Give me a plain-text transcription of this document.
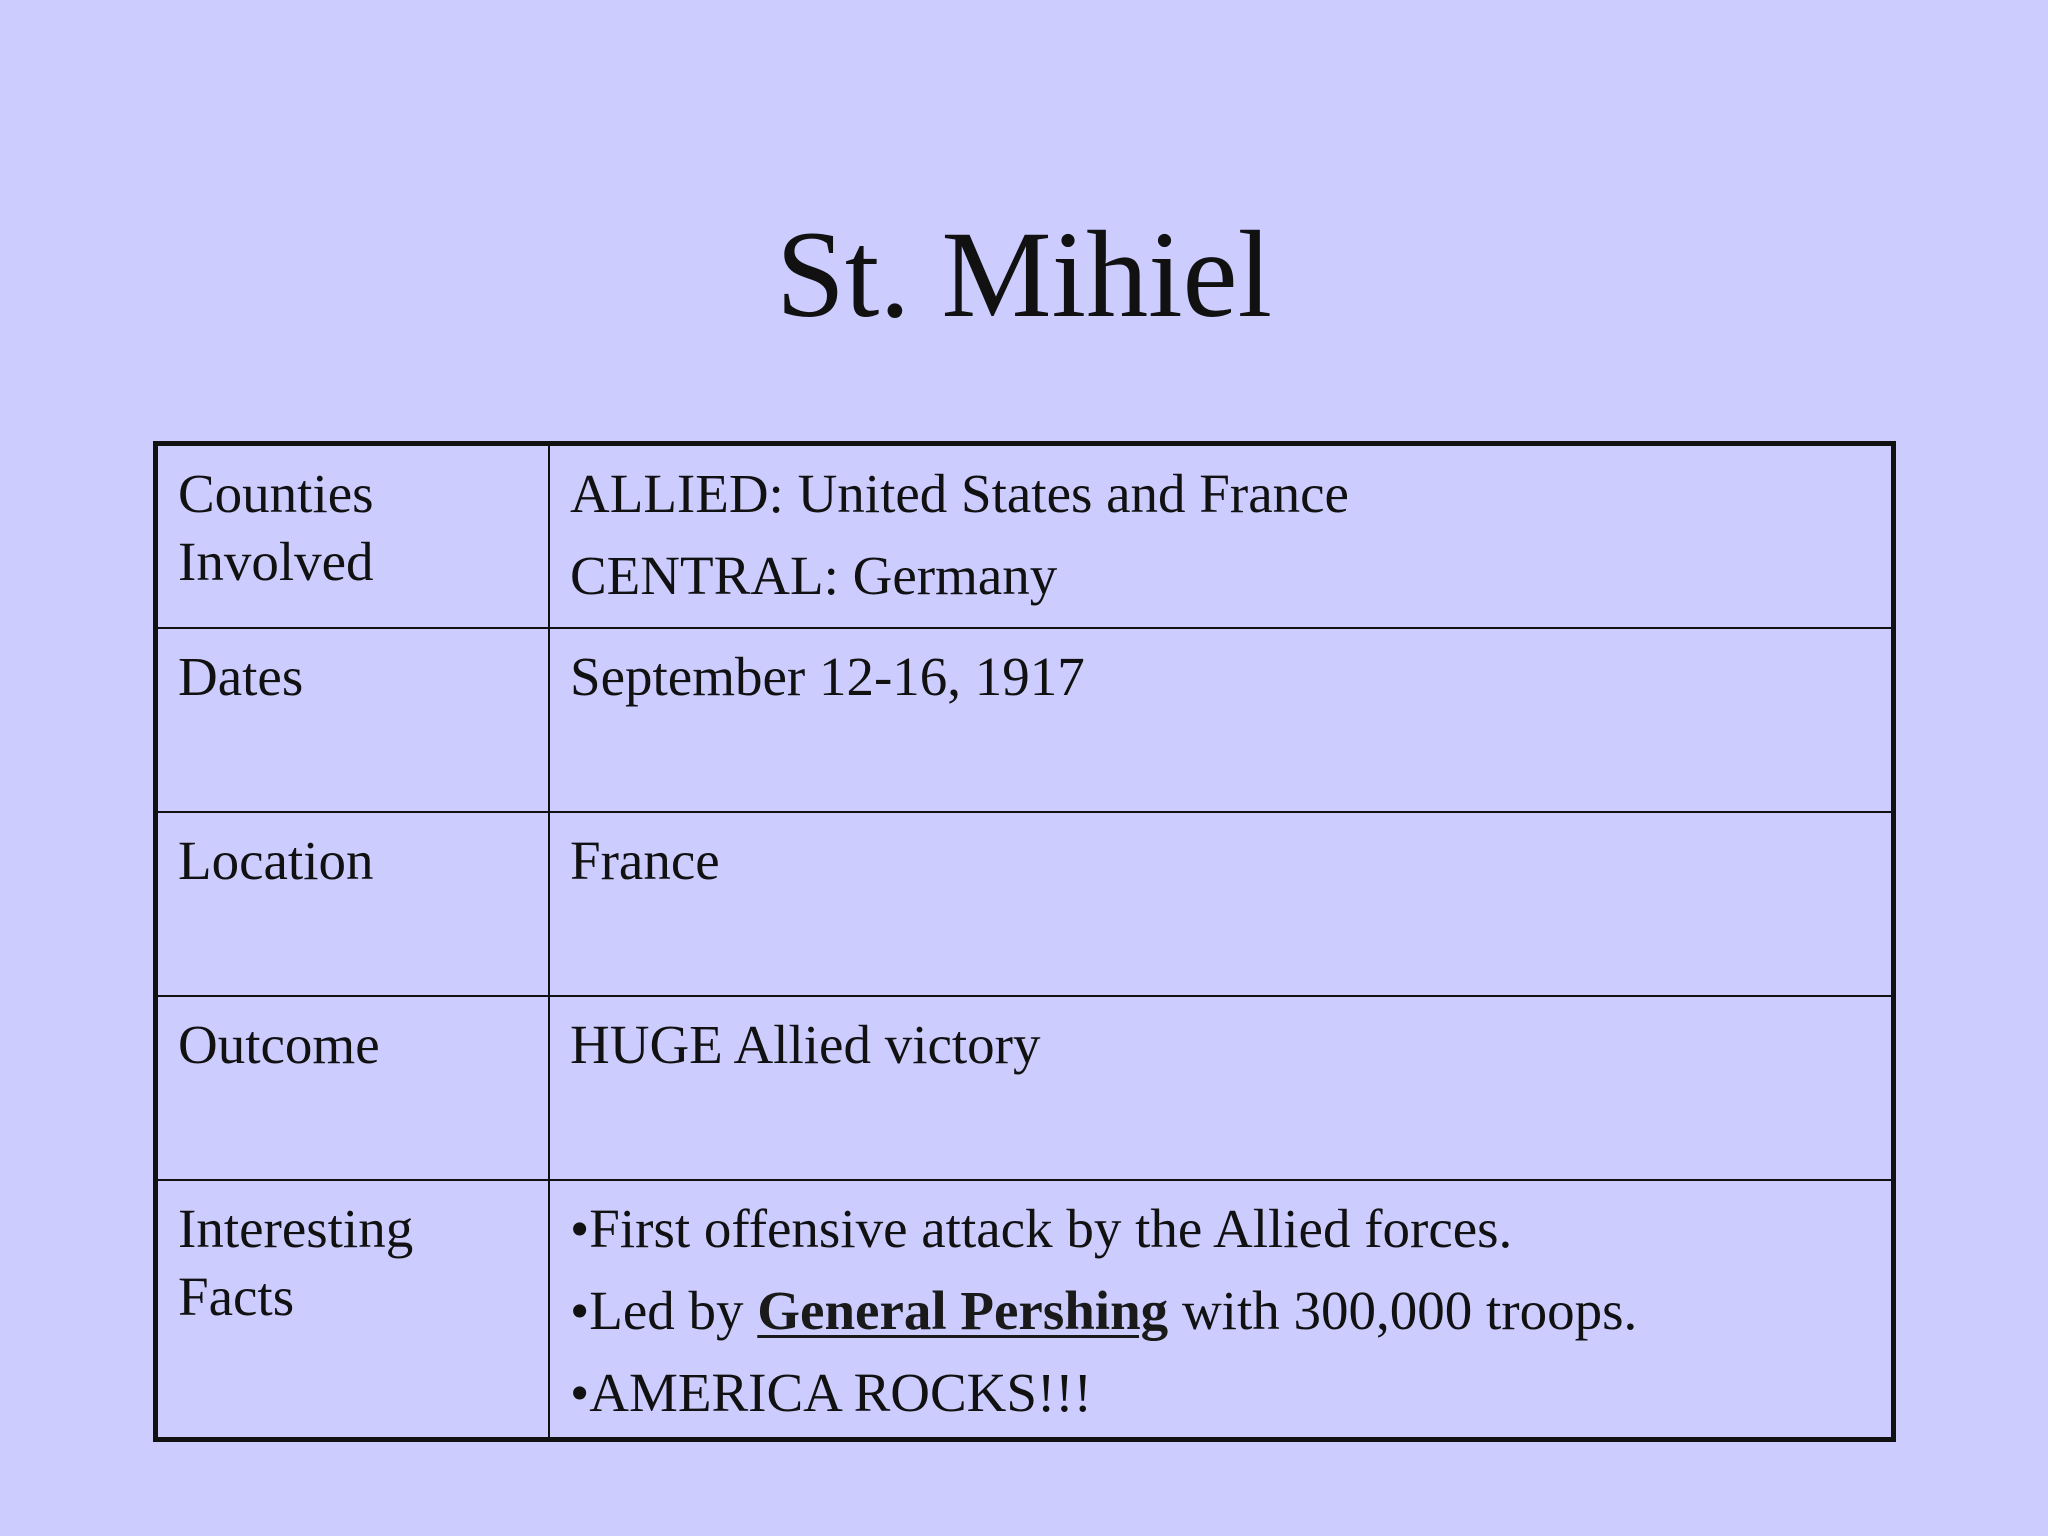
St. Mihiel
Counties
Involved	ALLIED: United States and France
CENTRAL: Germany

Dates	September 12-16, 1917

Location	France

Outcome	HUGE Allied victory

Interesting
Facts	•First offensive attack by the Allied forces.
•Led by General Pershing with 300,000 troops.
•AMERICA ROCKS!!!
